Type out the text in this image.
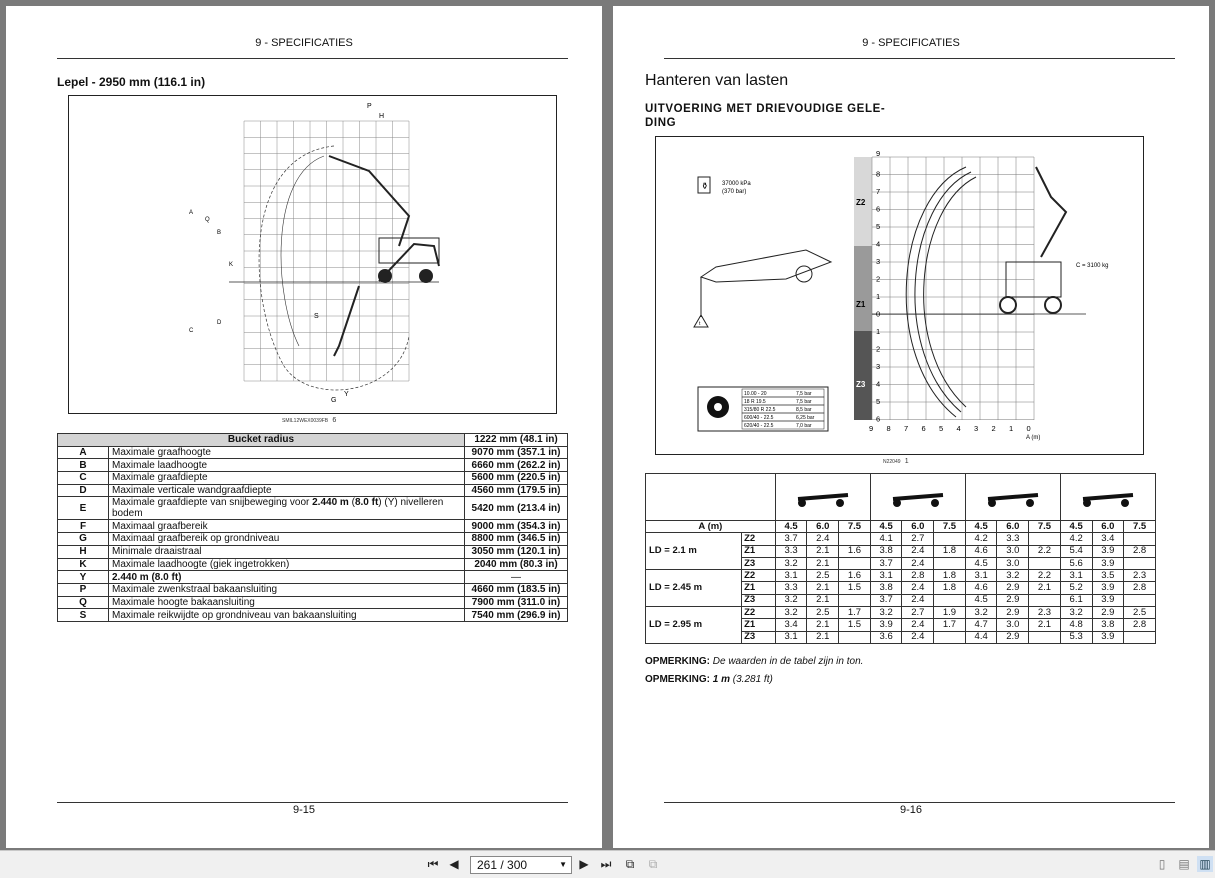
9 - SPECIFICATIES
Lepel - 2950 mm (116.1 in)
P
H
A
Q
B
K
D
C
S
Y
G
SMIL12WEX0039FB 6
Bucket radius		1222 mm (48.1 in)
A	Maximale graafhoogte	9070 mm (357.1 in)
B	Maximale laadhoogte	6660 mm (262.2 in)
C	Maximale graafdiepte	5600 mm (220.5 in)
D	Maximale verticale wandgraafdiepte	4560 mm (179.5 in)
E	Maximale graafdiepte van snijbeweging voor 2.440 m (8.0 ft) (Y) nivelleren bodem	5420 mm (213.4 in)
F	Maximaal graafbereik	9000 mm (354.3 in)
G	Maximaal graafbereik op grondniveau	8800 mm (346.5 in)
H	Minimale draaistraal	3050 mm (120.1 in)
K	Maximale laadhoogte (giek ingetrokken)	2040 mm (80.3 in)
Y	2.440 m (8.0 ft)	—
P	Maximale zwenkstraal bakaansluiting	4660 mm (183.5 in)
Q	Maximale hoogte bakaansluiting	7900 mm (311.0 in)
S	Maximale reikwijdte op grondniveau van bakaansluiting	7540 mm (296.9 in)
9-15
9 - SPECIFICATIES
Hanteren van lasten
UITVOERING MET DRIEVOUDIGE GELE-
DING
⚱ 37000 kPa
(370 bar)
t
10.00 - 20	7,5 bar
18 R 19.5	7,5 bar
315/80 R 22.5	8,5 bar
600/40 - 22.5	6,25 bar
620/40 - 22.5	7,0 bar
C = 3100 kg
A (m)
Z2
Z1
Z3
9
8
7
6
5
4
3
2
1
0
1
2
3
4
5
6
9 8 7 6 5 4 3 2 1 0
N22049 1

A (m)		4.5	6.0	7.5	4.5	6.0	7.5	4.5	6.0	7.5	4.5	6.0	7.5
LD = 2.1 m	Z2	3.7	2.4		4.1	2.7		4.2	3.3		4.2	3.4	
	Z1	3.3	2.1	1.6	3.8	2.4	1.8	4.6	3.0	2.2	5.4	3.9	2.8
	Z3	3.2	2.1		3.7	2.4		4.5	3.0		5.6	3.9	
LD = 2.45 m	Z2	3.1	2.5	1.6	3.1	2.8	1.8	3.1	3.2	2.2	3.1	3.5	2.3
	Z1	3.3	2.1	1.5	3.8	2.4	1.8	4.6	2.9	2.1	5.2	3.9	2.8
	Z3	3.2	2.1		3.7	2.4		4.5	2.9		6.1	3.9	
LD = 2.95 m	Z2	3.2	2.5	1.7	3.2	2.7	1.9	3.2	2.9	2.3	3.2	2.9	2.5
	Z1	3.4	2.1	1.5	3.9	2.4	1.7	4.7	3.0	2.1	4.8	3.8	2.8
	Z3	3.1	2.1		3.6	2.4		4.4	2.9		5.3	3.9	
OPMERKING: De waarden in de tabel zijn in ton.
OPMERKING: 1 m (3.281 ft)
9-16
⏮ ◀ 261 / 300	▼ ▶ ⏭	⧉	⧉	▯	▤ ▥
